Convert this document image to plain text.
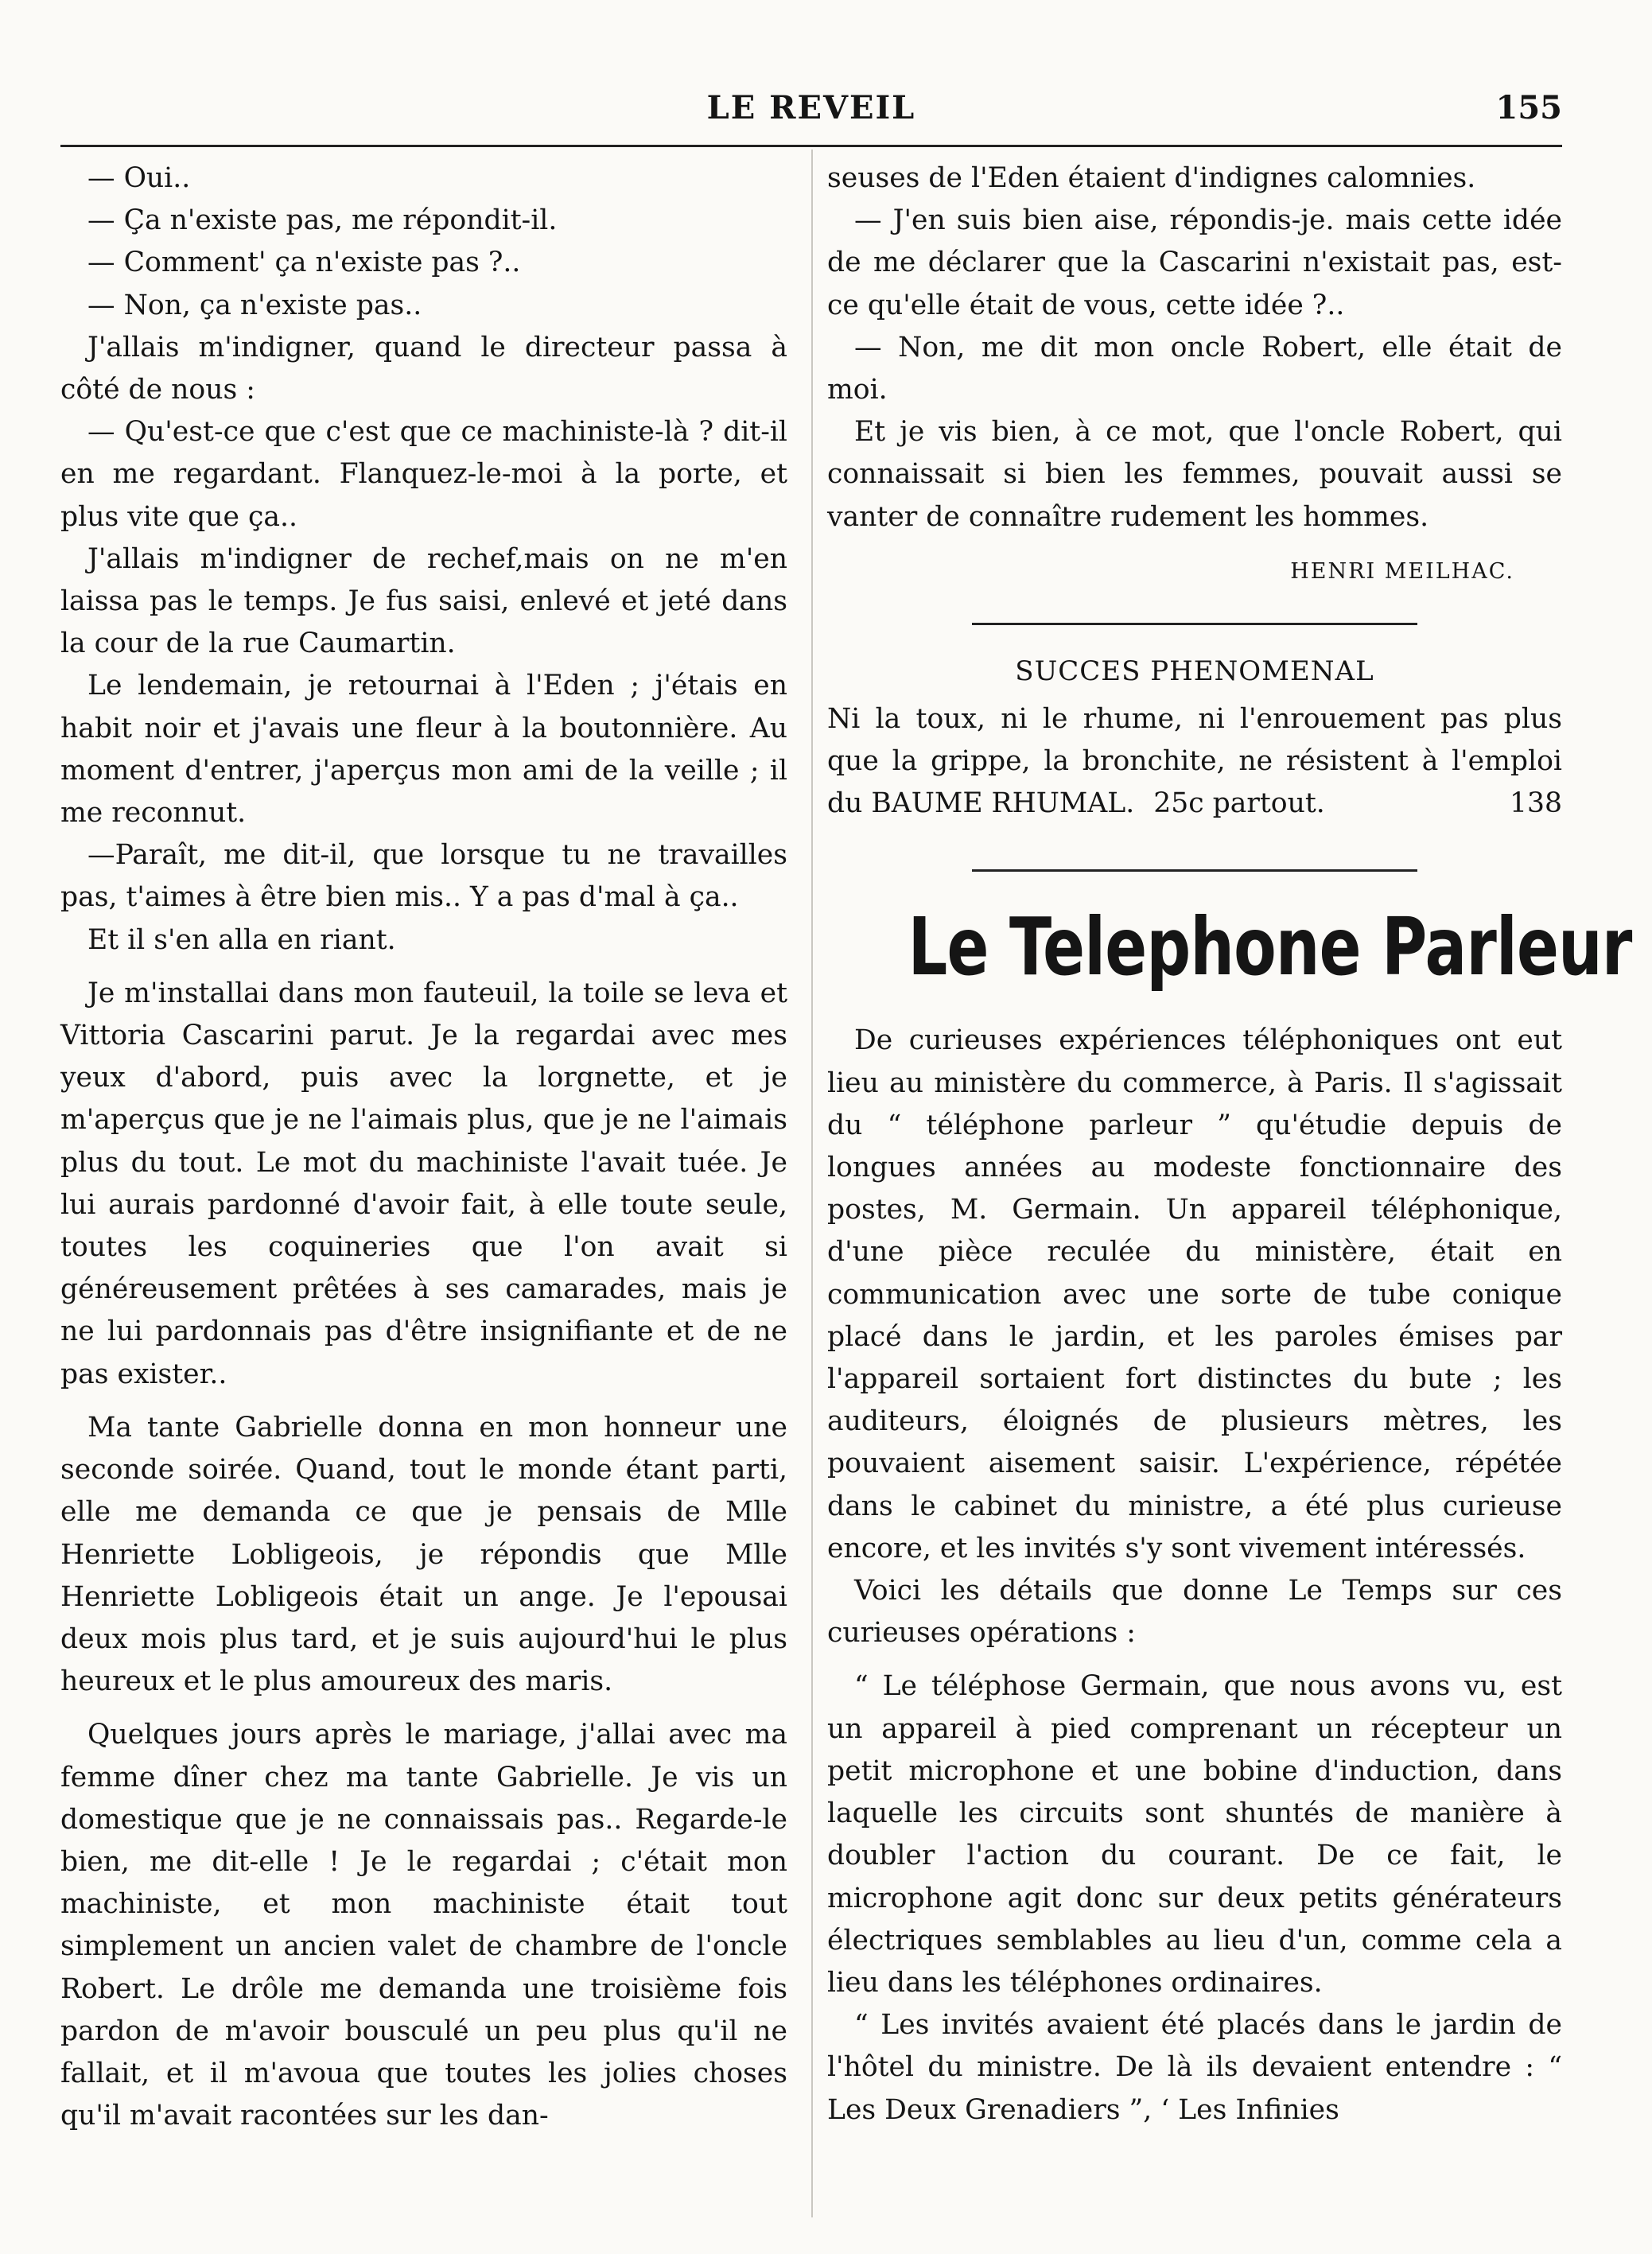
LE REVEIL	155

— Oui..

— Ça n'existe pas, me répondit-il.

— Comment' ça n'existe pas ?..

— Non, ça n'existe pas..

J'allais m'indigner, quand le directeur passa à côté de nous :

— Qu'est-ce que c'est que ce machiniste-là ? dit-il en me regardant. Flanquez-le-moi à la porte, et plus vite que ça..

J'allais m'indigner de rechef,mais on ne m'en laissa pas le temps. Je fus saisi, enlevé et jeté dans la cour de la rue Caumartin.

Le lendemain, je retournai à l'Eden ; j'étais en habit noir et j'avais une fleur à la boutonnière. Au moment d'entrer, j'aperçus mon ami de la veille ; il me reconnut.

—Paraît, me dit-il, que lorsque tu ne travailles pas, t'aimes à être bien mis.. Y a pas d'mal à ça..

Et il s'en alla en riant.

Je m'installai dans mon fauteuil, la toile se leva et Vittoria Cascarini parut. Je la regardai avec mes yeux d'abord, puis avec la lorgnette, et je m'aperçus que je ne l'aimais plus, que je ne l'aimais plus du tout. Le mot du machiniste l'avait tuée. Je lui aurais pardonné d'avoir fait, à elle toute seule, toutes les coquineries que l'on avait si généreusement prêtées à ses camarades, mais je ne lui pardonnais pas d'être insignifiante et de ne pas exister..

Ma tante Gabrielle donna en mon honneur une seconde soirée. Quand, tout le monde étant parti, elle me demanda ce que je pensais de Mlle Henriette Lobligeois, je répondis que Mlle Henriette Lobligeois était un ange. Je l'epousai deux mois plus tard, et je suis aujourd'hui le plus heureux et le plus amoureux des maris.

Quelques jours après le mariage, j'allai avec ma femme dîner chez ma tante Gabrielle. Je vis un domestique que je ne connaissais pas.. Regarde-le bien, me dit-elle ! Je le regardai ; c'était mon machiniste, et mon machiniste était tout simplement un ancien valet de chambre de l'oncle Robert. Le drôle me demanda une troisième fois pardon de m'avoir bousculé un peu plus qu'il ne fallait, et il m'avoua que toutes les jolies choses qu'il m'avait racontées sur les dan-

seuses de l'Eden étaient d'indignes calomnies.

— J'en suis bien aise, répondis-je. mais cette idée de me déclarer que la Cascarini n'existait pas, est-ce qu'elle était de vous, cette idée ?..

— Non, me dit mon oncle Robert, elle était de moi.

Et je vis bien, à ce mot, que l'oncle Robert, qui connaissait si bien les femmes, pouvait aussi se vanter de connaître rudement les hommes.

HENRI MEILHAC.
SUCCES PHENOMENAL
Ni la toux, ni le rhume, ni l'enrouement pas plus que la grippe, la bronchite, ne résistent à l'emploi du BAUME RHUMAL. 25c partout.	138
Le Telephone Parleur

De curieuses expériences téléphoniques ont eut lieu au ministère du commerce, à Paris. Il s'agissait du “ téléphone parleur ” qu'étudie depuis de longues années au modeste fonctionnaire des postes, M. Germain. Un appareil téléphonique, d'une pièce reculée du ministère, était en communication avec une sorte de tube conique placé dans le jardin, et les paroles émises par l'appareil sortaient fort distinctes du bute ; les auditeurs, éloignés de plusieurs mètres, les pouvaient aisement saisir. L'expérience, répétée dans le cabinet du ministre, a été plus curieuse encore, et les invités s'y sont vivement intéressés.

Voici les détails que donne Le Temps sur ces curieuses opérations :

“ Le téléphose Germain, que nous avons vu, est un appareil à pied comprenant un récepteur un petit microphone et une bobine d'induction, dans laquelle les circuits sont shuntés de manière à doubler l'action du courant. De ce fait, le microphone agit donc sur deux petits générateurs électriques semblables au lieu d'un, comme cela a lieu dans les téléphones ordinaires.

“ Les invités avaient été placés dans le jardin de l'hôtel du ministre. De là ils devaient entendre : “ Les Deux Grenadiers ”, ‘ Les Infinies
